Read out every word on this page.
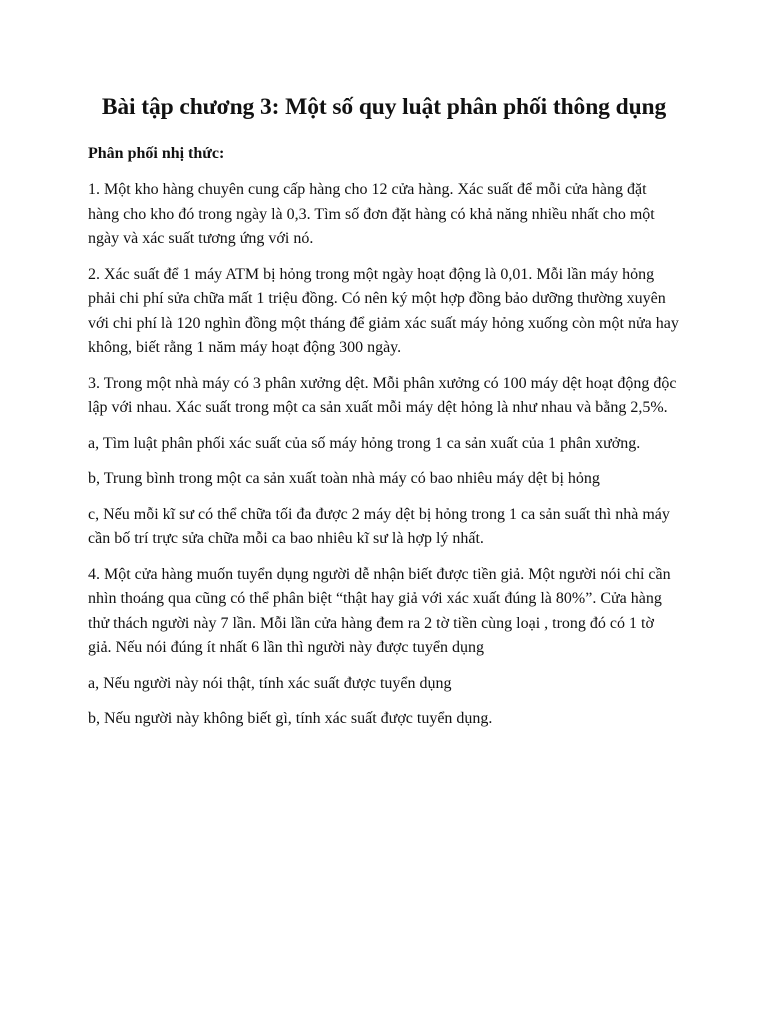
Bài tập chương 3: Một số quy luật phân phối thông dụng
Phân phối nhị thức:

1. Một kho hàng chuyên cung cấp hàng cho 12 cửa hàng. Xác suất để mỗi cửa hàng đặt hàng cho kho đó trong ngày là 0,3. Tìm số đơn đặt hàng có khả năng nhiều nhất cho một ngày và xác suất tương ứng với nó.

2. Xác suất để 1 máy ATM bị hỏng trong một ngày hoạt động là 0,01. Mỗi lần máy hỏng phải chi phí sửa chữa mất 1 triệu đồng. Có nên ký một hợp đồng bảo dưỡng thường xuyên với chi phí là 120 nghìn đồng một tháng để giảm xác suất máy hỏng xuống còn một nửa hay không, biết rằng 1 năm máy hoạt động 300 ngày.

3. Trong một nhà máy có 3 phân xưởng dệt. Mỗi phân xưởng có 100 máy dệt hoạt động độc lập với nhau. Xác suất trong một ca sản xuất mỗi máy dệt hỏng là như nhau và bằng 2,5%.

a, Tìm luật phân phối xác suất của số máy hỏng trong 1 ca sản xuất của 1 phân xưởng.

b, Trung bình trong một ca sản xuất toàn nhà máy có bao nhiêu máy dệt bị hỏng

c, Nếu mỗi kĩ sư có thể chữa tối đa được 2 máy dệt bị hỏng trong 1 ca sản suất thì nhà máy cần bố trí trực sửa chữa mỗi ca bao nhiêu kĩ sư là hợp lý nhất.

4. Một cửa hàng muốn tuyển dụng người dễ nhận biết được tiền giả. Một người nói chỉ cần nhìn thoáng qua cũng có thể phân biệt “thật hay giả với xác xuất đúng là 80%”. Cửa hàng thử thách người này 7 lần. Mỗi lần cửa hàng đem ra 2 tờ tiền cùng loại , trong đó có 1 tờ giả. Nếu nói đúng ít nhất 6 lần thì người này được tuyển dụng

a, Nếu người này nói thật, tính xác suất được tuyển dụng

b, Nếu người này không biết gì, tính xác suất được tuyển dụng.
